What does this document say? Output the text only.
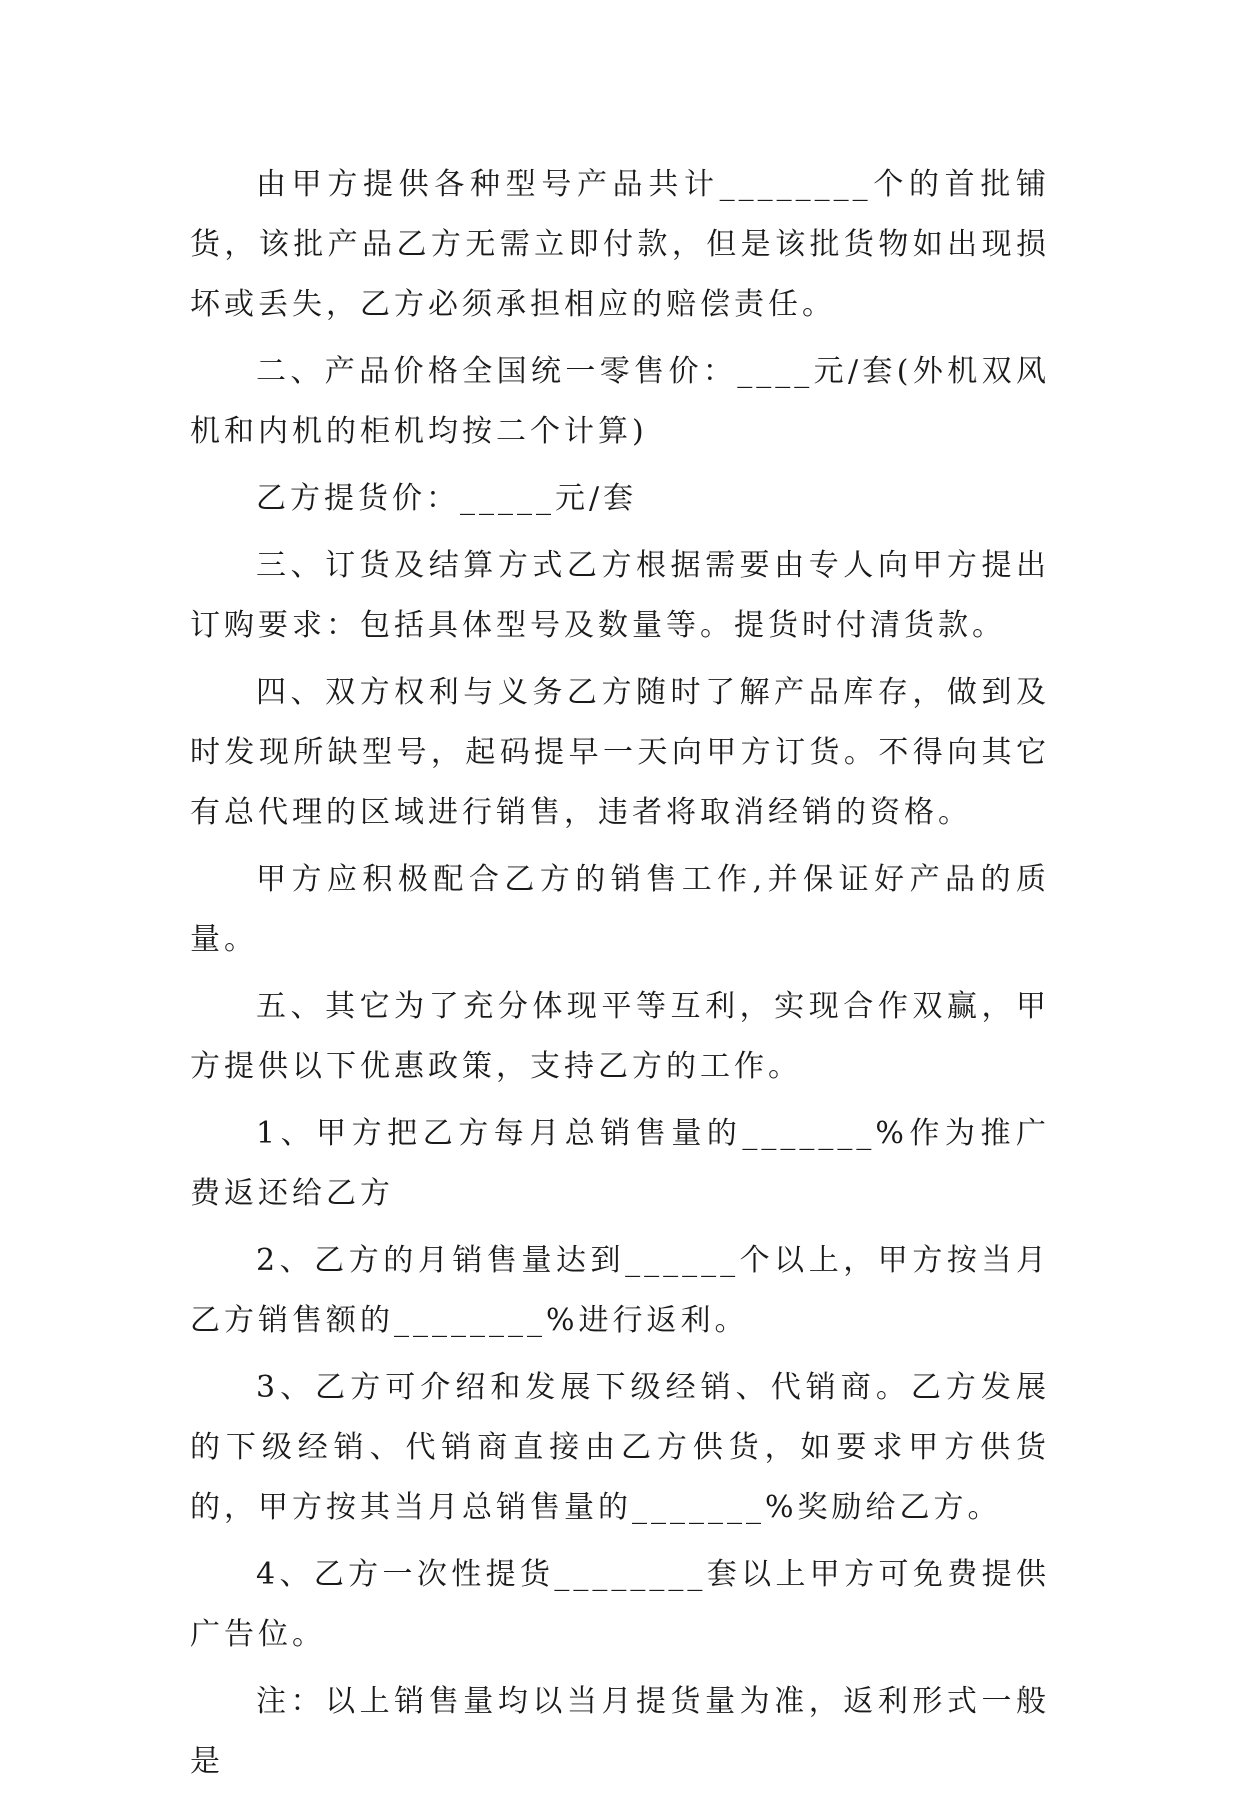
由甲方提供各种型号产品共计________个的首批铺货，该批产品乙方无需立即付款，但是该批货物如出现损坏或丢失，乙方必须承担相应的赔偿责任。

二、产品价格全国统一零售价：____元/套(外机双风机和内机的柜机均按二个计算)

乙方提货价：_____元/套

三、订货及结算方式乙方根据需要由专人向甲方提出订购要求：包括具体型号及数量等。提货时付清货款。

四、双方权利与义务乙方随时了解产品库存，做到及时发现所缺型号，起码提早一天向甲方订货。不得向其它有总代理的区域进行销售，违者将取消经销的资格。

甲方应积极配合乙方的销售工作,并保证好产品的质量。

五、其它为了充分体现平等互利，实现合作双赢，甲方提供以下优惠政策，支持乙方的工作。

1、甲方把乙方每月总销售量的_______%作为推广费返还给乙方

2、乙方的月销售量达到______个以上，甲方按当月乙方销售额的________%进行返利。

3、乙方可介绍和发展下级经销、代销商。乙方发展的下级经销、代销商直接由乙方供货，如要求甲方供货的，甲方按其当月总销售量的_______%奖励给乙方。

4、乙方一次性提货________套以上甲方可免费提供广告位。

注：以上销售量均以当月提货量为准，返利形式一般是
